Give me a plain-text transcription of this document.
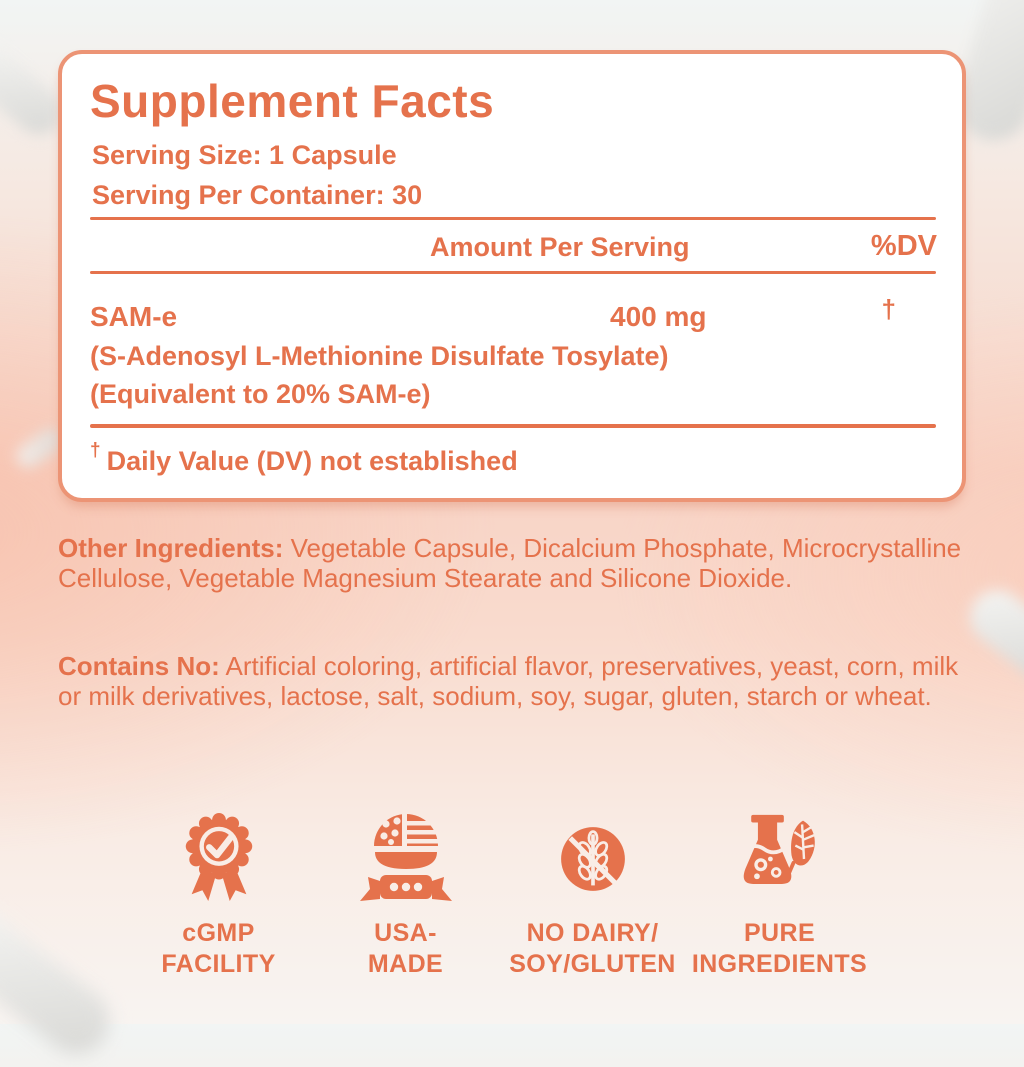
Supplement Facts
Serving Size: 1 Capsule
Serving Per Container: 30
Amount Per Serving	%DV
SAM-e	400 mg	†
(S-Adenosyl L-Methionine Disulfate Tosylate)
(Equivalent to 20% SAM-e)
† Daily Value (DV) not established
Other Ingredients: Vegetable Capsule, Dicalcium Phosphate, Microcrystalline Cellulose, Vegetable Magnesium Stearate and Silicone Dioxide.
Contains No: Artificial coloring, artificial flavor, preservatives, yeast, corn, milk or milk derivatives, lactose, salt, sodium, soy, sugar, gluten, starch or wheat.
cGMP
FACILITY
USA-
MADE
NO DAIRY/
SOY/GLUTEN
PURE
INGREDIENTS
